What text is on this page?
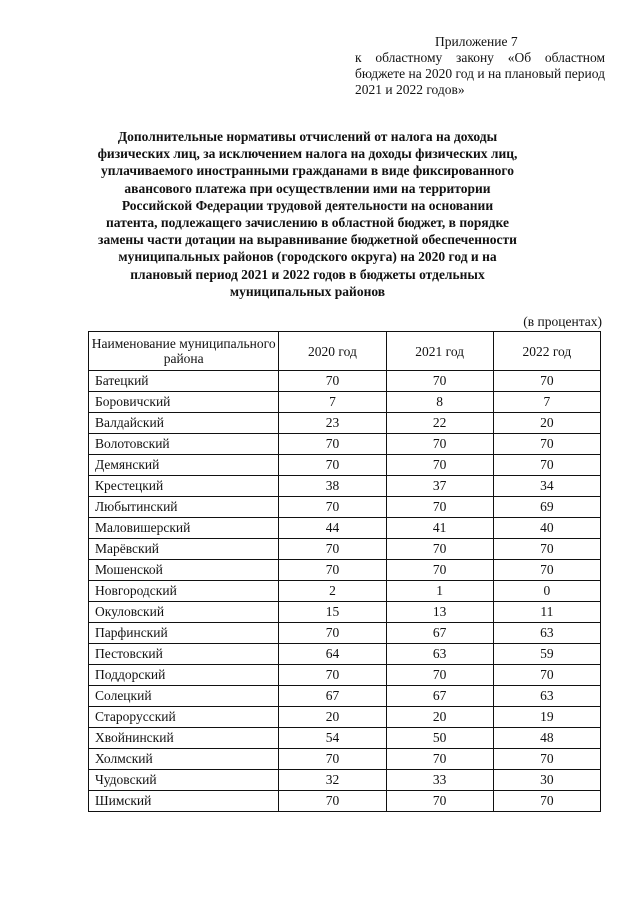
Приложение 7
к областному закону «Об областном бюджете на 2020 год и на плановый период 2021 и 2022 годов»
Дополнительные нормативы отчислений от налога на доходы физических лиц, за исключением налога на доходы физических лиц, уплачиваемого иностранными гражданами в виде фиксированного авансового платежа при осуществлении ими на территории Российской Федерации трудовой деятельности на основании патента, подлежащего зачислению в областной бюджет, в порядке замены части дотации на выравнивание бюджетной обеспеченности муниципальных районов (городского округа) на 2020 год и на плановый период 2021 и 2022 годов в бюджеты отдельных муниципальных районов
(в процентах)
Наименование муниципального района	2020 год	2021 год	2022 год
Батецкий	70	70	70
Боровичский	7	8	7
Валдайский	23	22	20
Волотовский	70	70	70
Демянский	70	70	70
Крестецкий	38	37	34
Любытинский	70	70	69
Маловишерский	44	41	40
Марёвский	70	70	70
Мошенской	70	70	70
Новгородский	2	1	0
Окуловский	15	13	11
Парфинский	70	67	63
Пестовский	64	63	59
Поддорский	70	70	70
Солецкий	67	67	63
Старорусский	20	20	19
Хвойнинский	54	50	48
Холмский	70	70	70
Чудовский	32	33	30
Шимский	70	70	70
